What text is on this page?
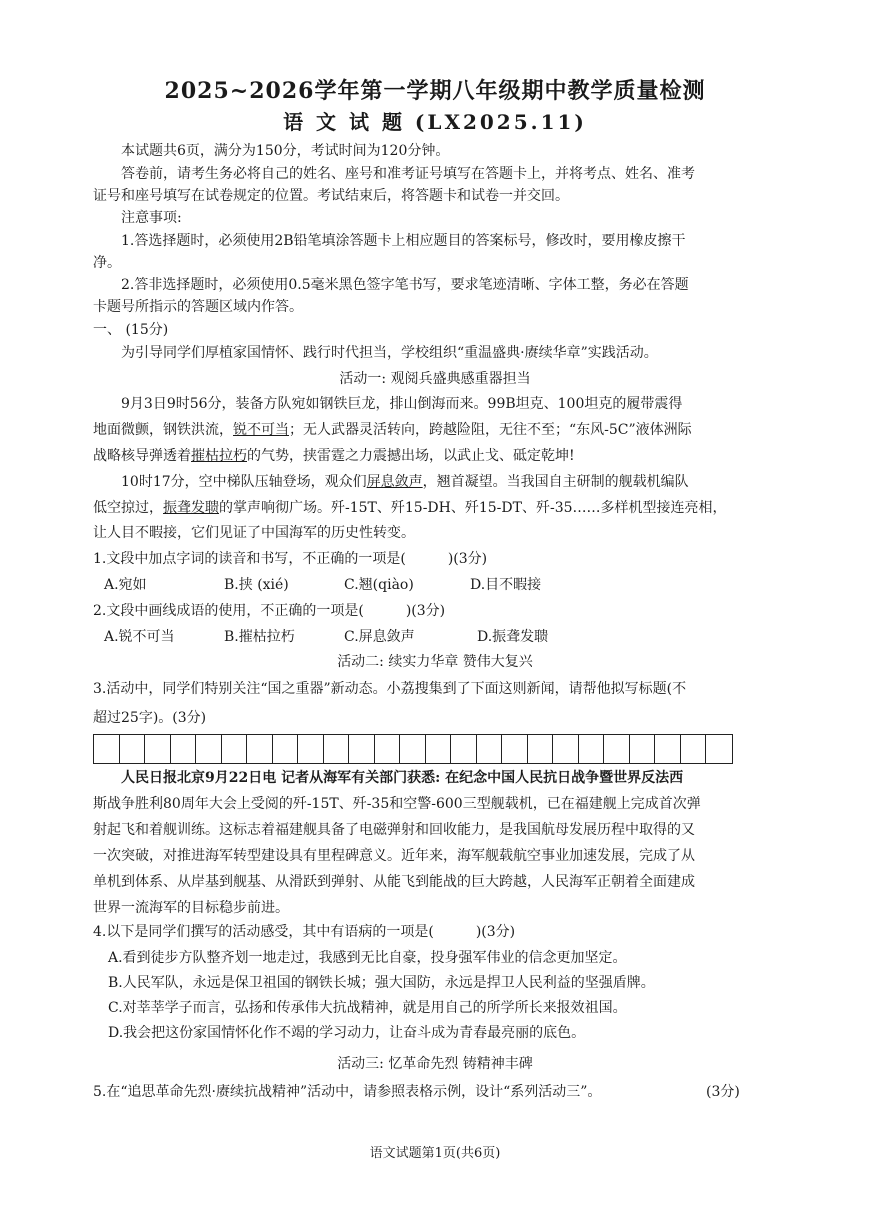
2025~2026学年第一学期八年级期中教学质量检测
语 文 试 题 (LX2025.11)
本试题共6页，满分为150分，考试时间为120分钟。
答卷前，请考生务必将自己的姓名、座号和准考证号填写在答题卡上，并将考点、姓名、准考
证号和座号填写在试卷规定的位置。考试结束后，将答题卡和试卷一并交回。
注意事项:
1.答选择题时，必须使用2B铅笔填涂答题卡上相应题目的答案标号，修改时，要用橡皮擦干
净。
2.答非选择题时，必须使用0.5毫米黑色签字笔书写，要求笔迹清晰、字体工整，务必在答题
卡题号所指示的答题区域内作答。
一、 (15分)
为引导同学们厚植家国情怀、践行时代担当，学校组织“重温盛典·赓续华章”实践活动。
活动一: 观阅兵盛典感重器担当
9月3日9时56分，装备方队宛如钢铁巨龙，排山倒海而来。99B坦克、100坦克的履带震得
地面微颤，钢铁洪流，锐不可当；无人武器灵活转向，跨越险阻，无往不至；“东风-5C”液体洲际
战略核导弹透着摧枯拉朽的气势，挟雷霆之力震撼出场，以武止戈、砥定乾坤!
10时17分，空中梯队压轴登场，观众们屏息敛声，翘首凝望。当我国自主研制的舰载机编队
低空掠过，振聋发聩的掌声响彻广场。歼-15T、歼15-DH、歼15-DT、歼-35……多样机型接连亮相，
让人目不暇接，它们见证了中国海军的历史性转变。
1.文段中加点字词的读音和书写，不正确的一项是(　　　)(3分)
A.宛如	B.挟 (xié)	C.翘(qiào)	D.目不暇接
2.文段中画线成语的使用，不正确的一项是(　　　)(3分)
A.锐不可当	B.摧枯拉朽	C.屏息敛声	D.振聋发聩
活动二: 续实力华章 赞伟大复兴
3.活动中，同学们特别关注“国之重器”新动态。小荔搜集到了下面这则新闻，请帮他拟写标题(不
超过25字)。(3分)
人民日报北京9月22日电 记者从海军有关部门获悉: 在纪念中国人民抗日战争暨世界反法西
斯战争胜利80周年大会上受阅的歼-15T、歼-35和空警-600三型舰载机，已在福建舰上完成首次弹
射起飞和着舰训练。这标志着福建舰具备了电磁弹射和回收能力，是我国航母发展历程中取得的又
一次突破，对推进海军转型建设具有里程碑意义。近年来，海军舰载航空事业加速发展，完成了从
单机到体系、从岸基到舰基、从滑跃到弹射、从能飞到能战的巨大跨越，人民海军正朝着全面建成
世界一流海军的目标稳步前进。
4.以下是同学们撰写的活动感受，其中有语病的一项是(　　　)(3分)
A.看到徒步方队整齐划一地走过，我感到无比自豪，投身强军伟业的信念更加坚定。
B.人民军队，永远是保卫祖国的钢铁长城；强大国防，永远是捍卫人民利益的坚强盾牌。
C.对莘莘学子而言，弘扬和传承伟大抗战精神，就是用自己的所学所长来报效祖国。
D.我会把这份家国情怀化作不竭的学习动力，让奋斗成为青春最亮丽的底色。
活动三: 忆革命先烈 铸精神丰碑
5.在“追思革命先烈·赓续抗战精神”活动中，请参照表格示例，设计“系列活动三”。	(3分)
语文试题第1页(共6页)
